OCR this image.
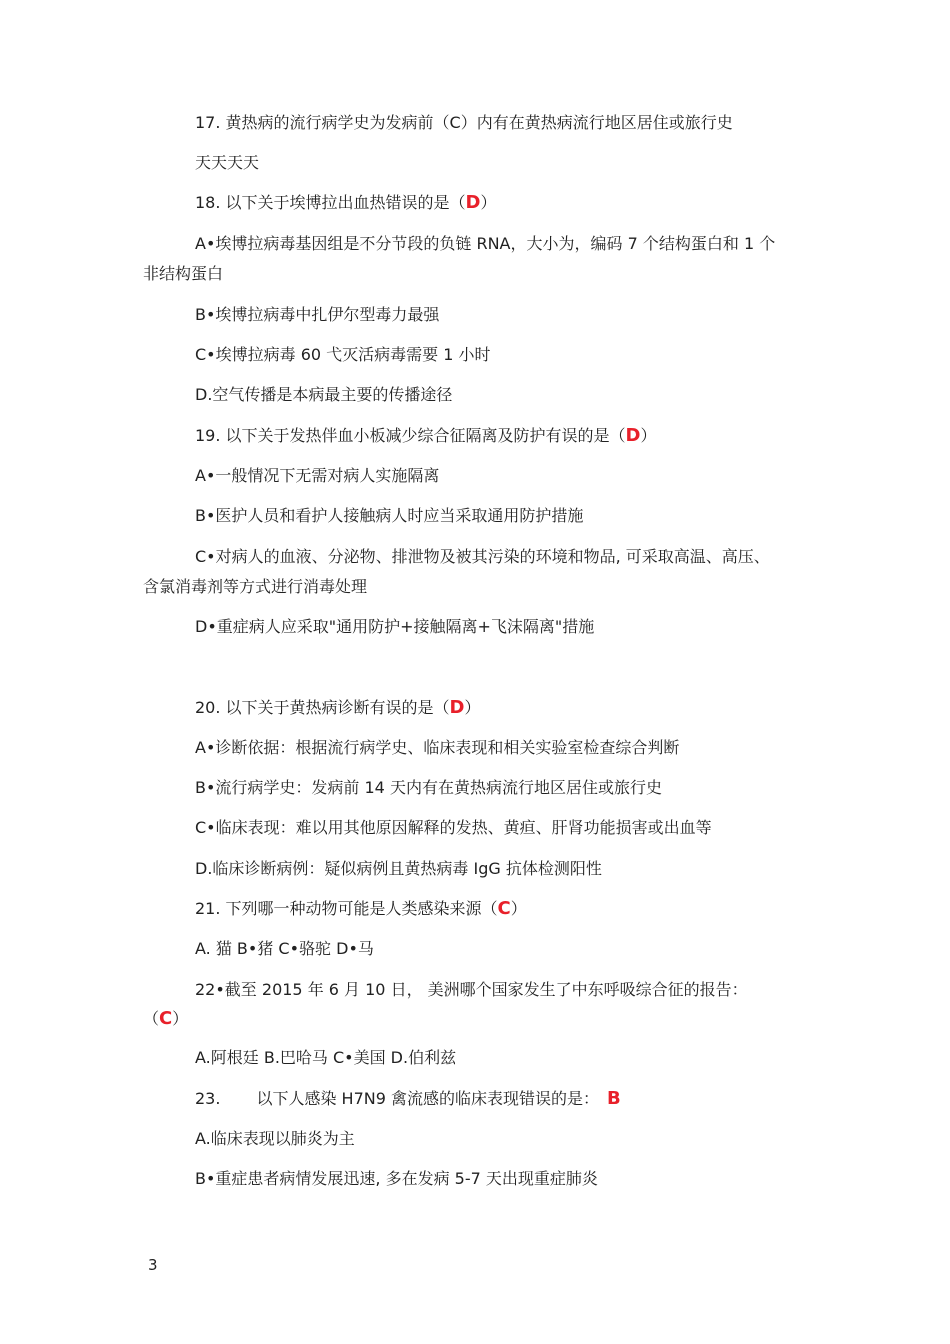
17. 黄热病的流行病学史为发病前（C）内有在黄热病流行地区居住或旅行史
天天天天
18. 以下关于埃博拉出血热错误的是（D）
A•埃博拉病毒基因组是不分节段的负链 RNA，大小为，编码 7 个结构蛋白和 1 个
非结构蛋白
B•埃博拉病毒中扎伊尔型毒力最强
C•埃博拉病毒 60 弋灭活病毒需要 1 小时
D.空气传播是本病最主要的传播途径
19. 以下关于发热伴血小板减少综合征隔离及防护有误的是（D）
A•一般情况下无需对病人实施隔离
B•医护人员和看护人接触病人时应当采取通用防护措施
C•对病人的血液、分泌物、排泄物及被其污染的环境和物品, 可采取高温、高压、
含氯消毒剂等方式进行消毒处理
D•重症病人应采取"通用防护+接触隔离+飞沫隔离"措施
20. 以下关于黄热病诊断有误的是（D）
A•诊断依据：根据流行病学史、临床表现和相关实验室检查综合判断
B•流行病学史：发病前 14 天内有在黄热病流行地区居住或旅行史
C•临床表现：难以用其他原因解释的发热、黄疸、肝肾功能损害或出血等
D.临床诊断病例：疑似病例且黄热病毒 IgG 抗体检测阳性
21. 下列哪一种动物可能是人类感染来源（C）
A. 猫 B•猪 C•骆驼 D•马
22•截至 2015 年 6 月 10 日， 美洲哪个国家发生了中东呼吸综合征的报告：
（C）
A.阿根廷 B.巴哈马 C•美国 D.伯利兹
23. 以下人感染 H7N9 禽流感的临床表现错误的是： B
A.临床表现以肺炎为主
B•重症患者病情发展迅速, 多在发病 5-7 天出现重症肺炎
3
